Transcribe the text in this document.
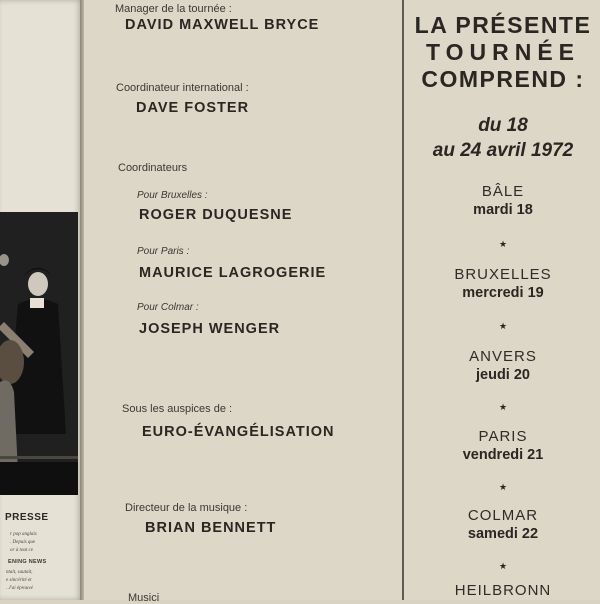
PRESSE
r pop anglais
. Depuis que
or à tout ce
ENING NEWS
ntait, sautait,
e sincérité et
. J'ai éprouvé
Manager de la tournée :
DAVID MAXWELL BRYCE
Coordinateur international :
DAVE FOSTER
Coordinateurs
Pour Bruxelles :
ROGER DUQUESNE
Pour Paris :
MAURICE LAGROGERIE
Pour Colmar :
JOSEPH WENGER
Sous les auspices de :
EURO-ÉVANGÉLISATION
Directeur de la musique :
BRIAN BENNETT
Musici
LA PRÉSENTE
TOURNÉE
COMPREND :
du 18
au 24 avril 1972
BÂLE
mardi 18
★
BRUXELLES
mercredi 19
★
ANVERS
jeudi 20
★
PARIS
vendredi 21
★
COLMAR
samedi 22
★
HEILBRONN
